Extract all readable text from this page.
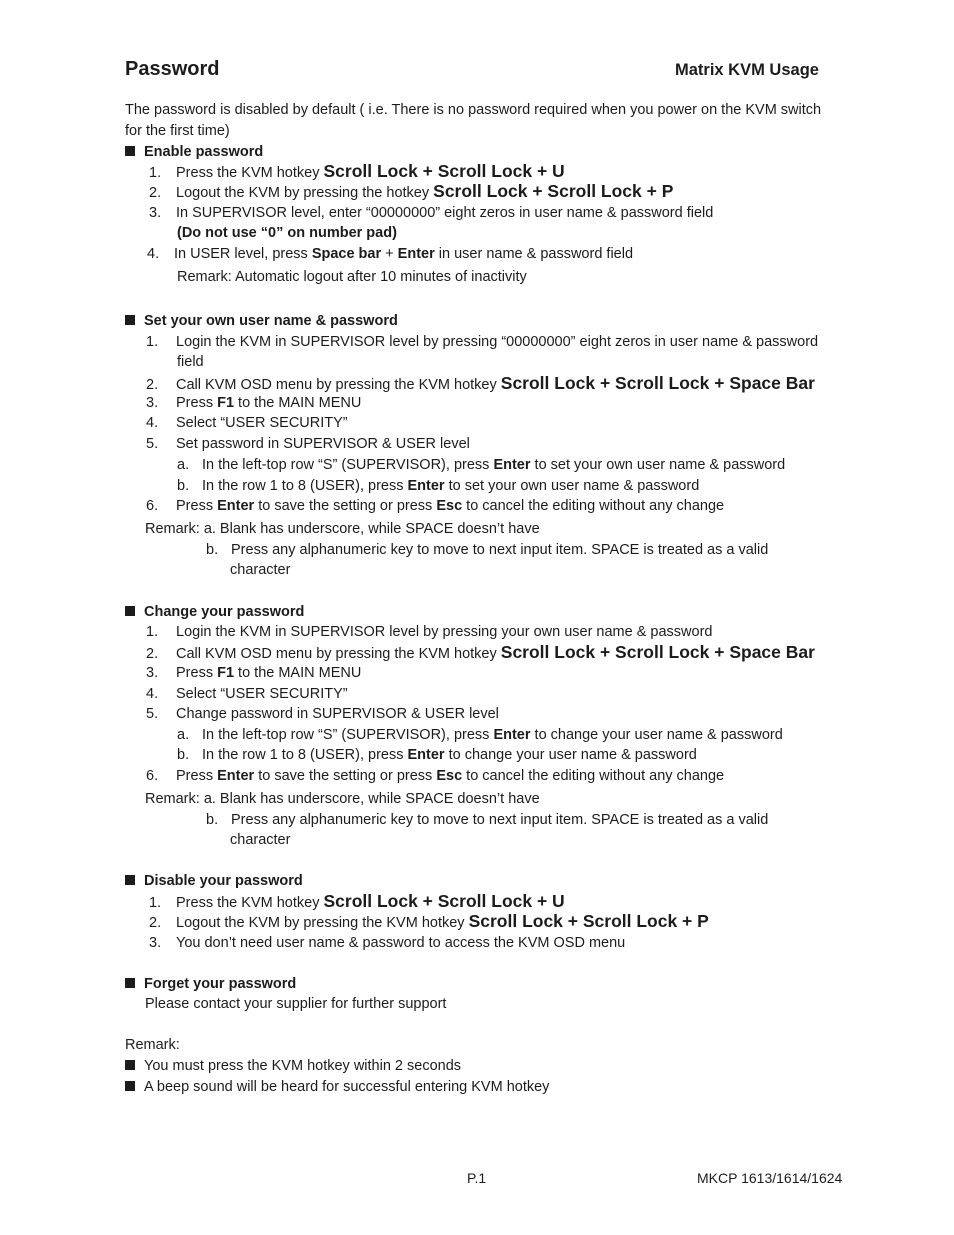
Password	Matrix KVM Usage
The password is disabled by default ( i.e. There is no password required when you power on the KVM switch
for the first time)
Enable password
1. Press the KVM hotkey Scroll Lock + Scroll Lock + U
2. Logout the KVM by pressing the hotkey Scroll Lock + Scroll Lock + P
3. In SUPERVISOR level, enter “00000000” eight zeros in user name & password field
(Do not use “0” on number pad)
4. In USER level, press Space bar + Enter in user name & password field
Remark: Automatic logout after 10 minutes of inactivity
Set your own user name & password
1. Login the KVM in SUPERVISOR level by pressing “00000000” eight zeros in user name & password
field
2. Call KVM OSD menu by pressing the KVM hotkey Scroll Lock + Scroll Lock + Space Bar
3. Press F1 to the MAIN MENU
4. Select “USER SECURITY”
5. Set password in SUPERVISOR & USER level
a. In the left-top row “S” (SUPERVISOR), press Enter to set your own user name & password
b. In the row 1 to 8 (USER), press Enter to set your own user name & password
6. Press Enter to save the setting or press Esc to cancel the editing without any change
Remark: a. Blank has underscore, while SPACE doesn’t have
b. Press any alphanumeric key to move to next input item. SPACE is treated as a valid
character
Change your password
1. Login the KVM in SUPERVISOR level by pressing your own user name & password
2. Call KVM OSD menu by pressing the KVM hotkey Scroll Lock + Scroll Lock + Space Bar
3. Press F1 to the MAIN MENU
4. Select “USER SECURITY”
5. Change password in SUPERVISOR & USER level
a. In the left-top row “S” (SUPERVISOR), press Enter to change your user name & password
b. In the row 1 to 8 (USER), press Enter to change your user name & password
6. Press Enter to save the setting or press Esc to cancel the editing without any change
Remark: a. Blank has underscore, while SPACE doesn’t have
b. Press any alphanumeric key to move to next input item. SPACE is treated as a valid
character
Disable your password
1. Press the KVM hotkey Scroll Lock + Scroll Lock + U
2. Logout the KVM by pressing the KVM hotkey Scroll Lock + Scroll Lock + P
3. You don’t need user name & password to access the KVM OSD menu
Forget your password
Please contact your supplier for further support
Remark:
You must press the KVM hotkey within 2 seconds
A beep sound will be heard for successful entering KVM hotkey
P.1	MKCP 1613/1614/1624
